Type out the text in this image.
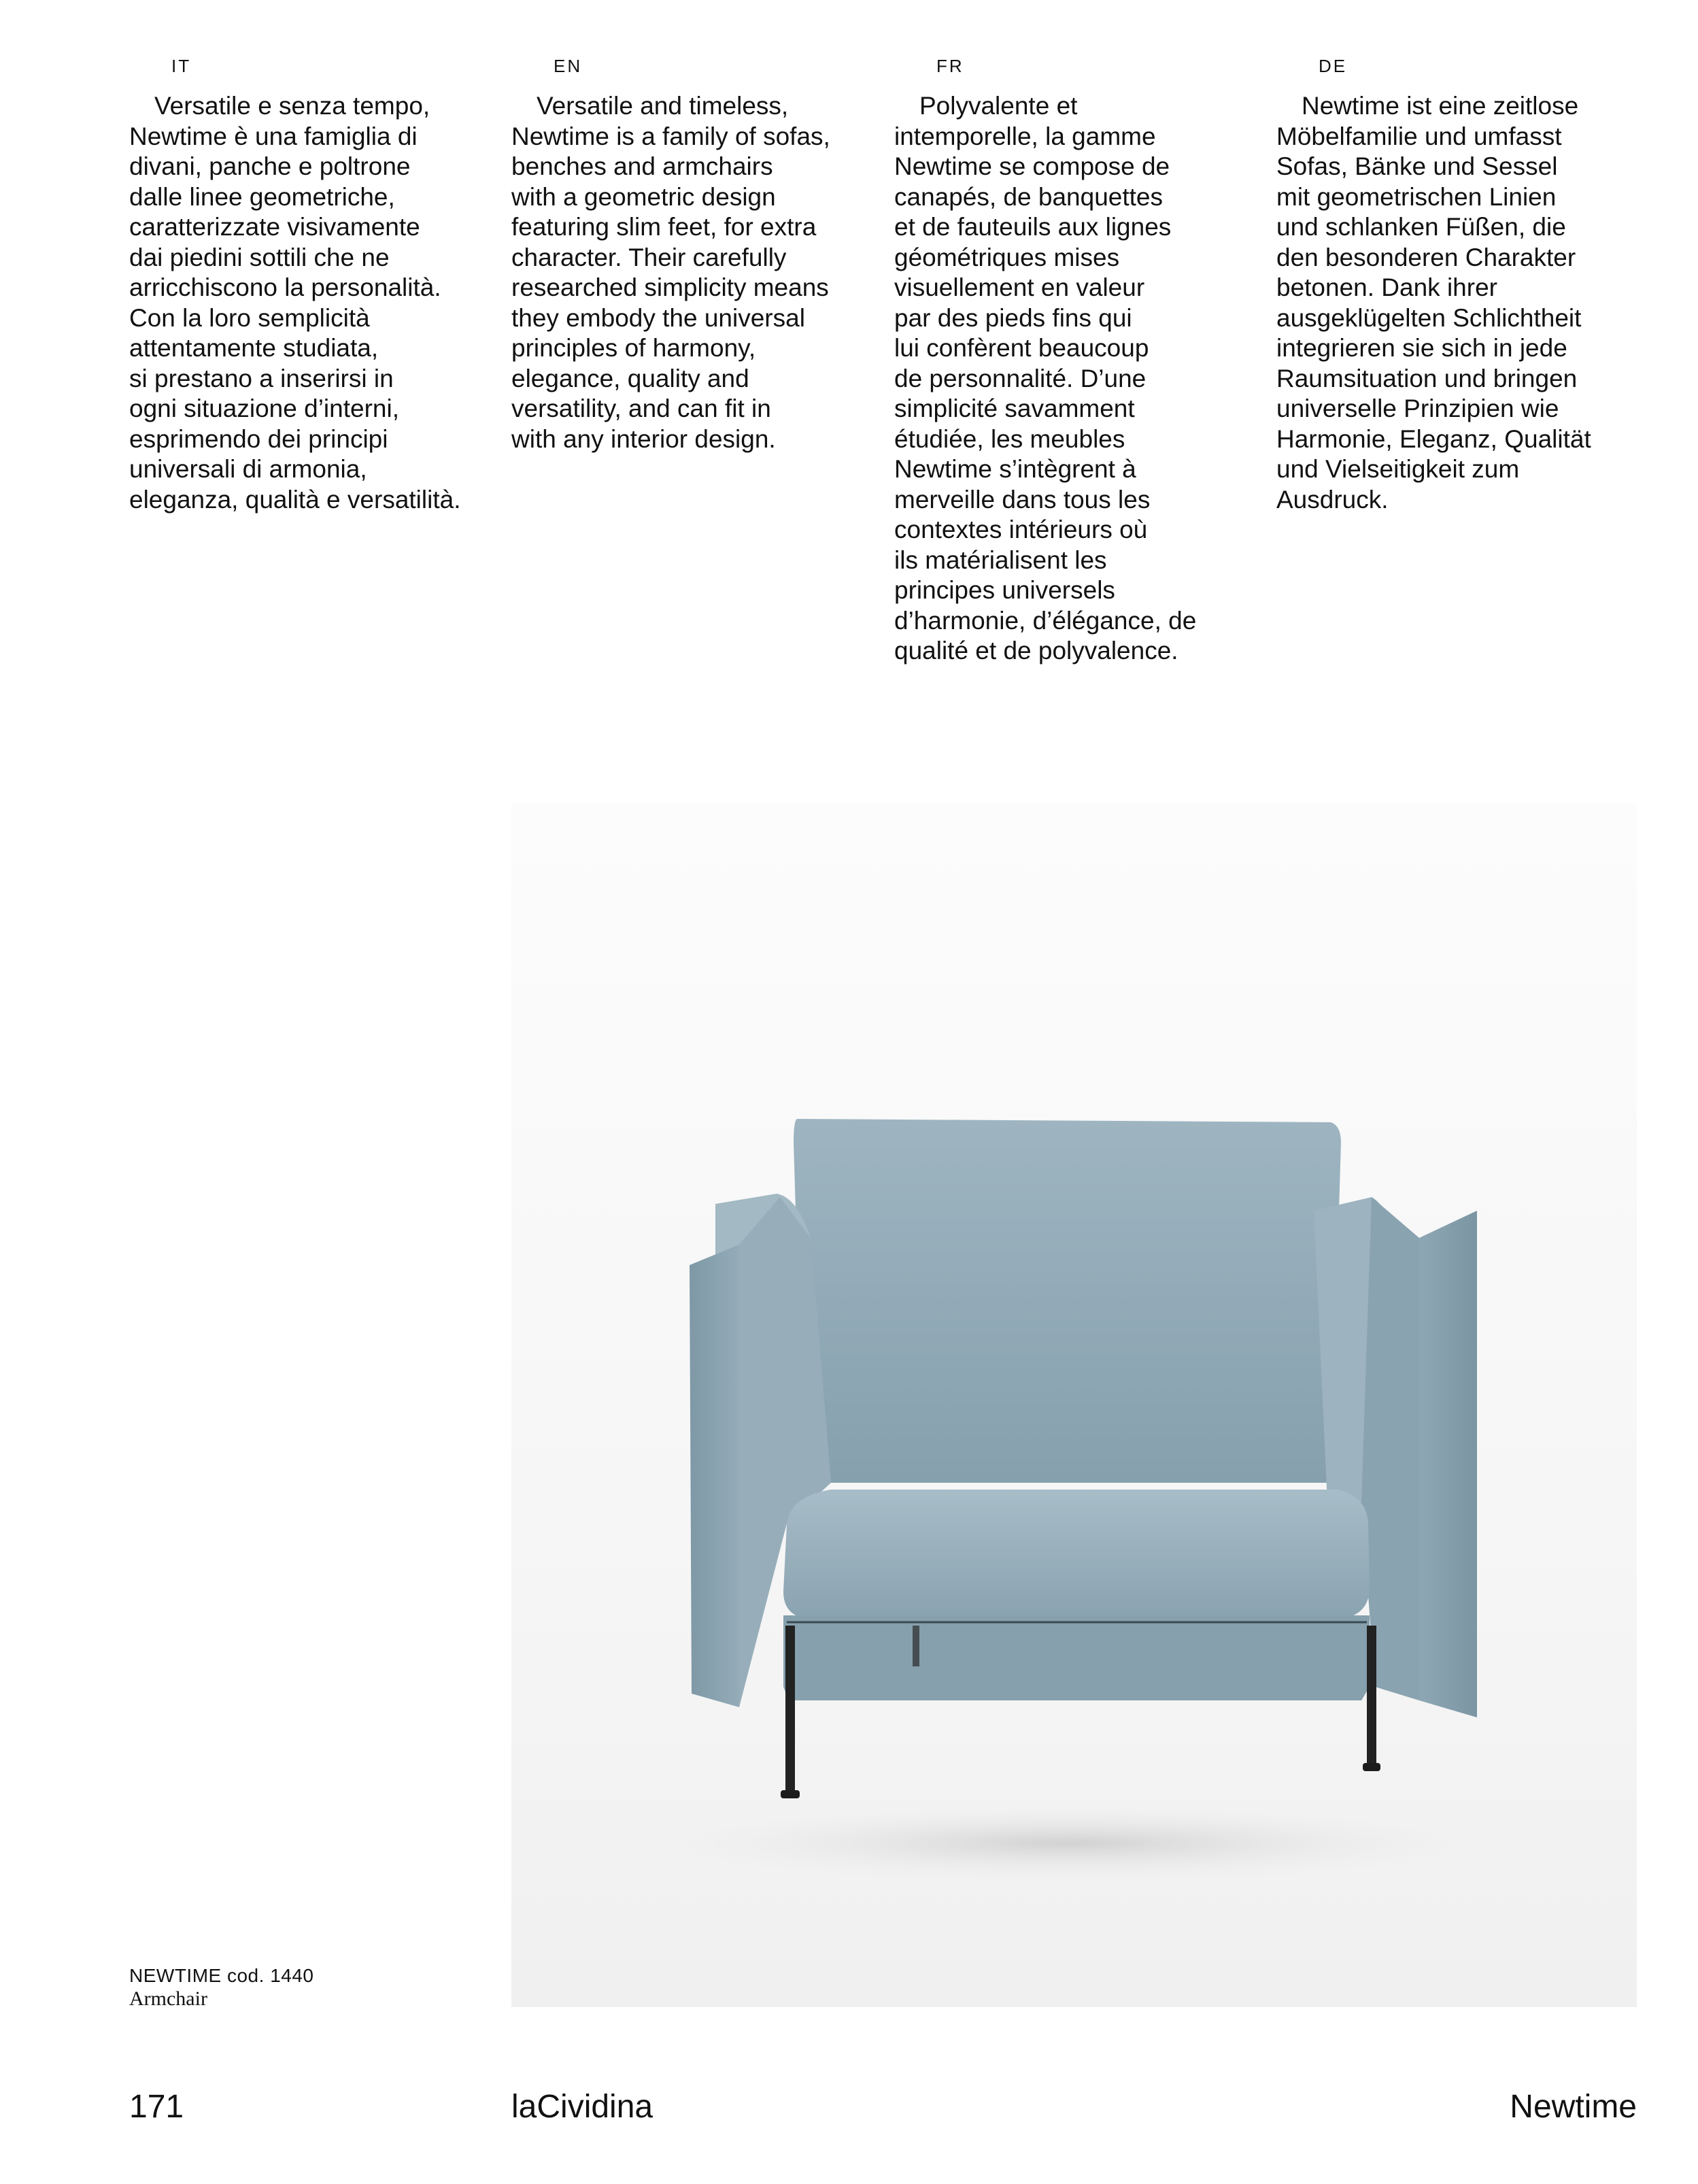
IT

 Versatile e senza tempo,
Newtime è una famiglia di
divani, panche e poltrone
dalle linee geometriche,
caratterizzate visivamente
dai piedini sottili che ne
arricchiscono la personalità.
Con la loro semplicità
attentamente studiata,
si prestano a inserirsi in
ogni situazione d’interni,
esprimendo dei principi
universali di armonia,
eleganza, qualità e versatilità.

EN

 Versatile and timeless,
Newtime is a family of sofas,
benches and armchairs
with a geometric design
featuring slim feet, for extra
character. Their carefully
researched simplicity means
they embody the universal
principles of harmony,
elegance, quality and
versatility, and can fit in
with any interior design.

FR

 Polyvalente et
intemporelle, la gamme
Newtime se compose de
canapés, de banquettes
et de fauteuils aux lignes
géométriques mises
visuellement en valeur
par des pieds fins qui
lui confèrent beaucoup
de personnalité. D’une
simplicité savamment
étudiée, les meubles
Newtime s’intègrent à
merveille dans tous les
contextes intérieurs où
ils matérialisent les
principes universels
d’harmonie, d’élégance, de
qualité et de polyvalence.

DE

 Newtime ist eine zeitlose
Möbelfamilie und umfasst
Sofas, Bänke und Sessel
mit geometrischen Linien
und schlanken Füßen, die
den besonderen Charakter
betonen. Dank ihrer
ausgeklügelten Schlichtheit
integrieren sie sich in jede
Raumsituation und bringen
universelle Prinzipien wie
Harmonie, Eleganz, Qualität
und Vielseitigkeit zum
Ausdruck.

NEWTIME cod. 1440
Armchair
171	laCividina	Newtime
